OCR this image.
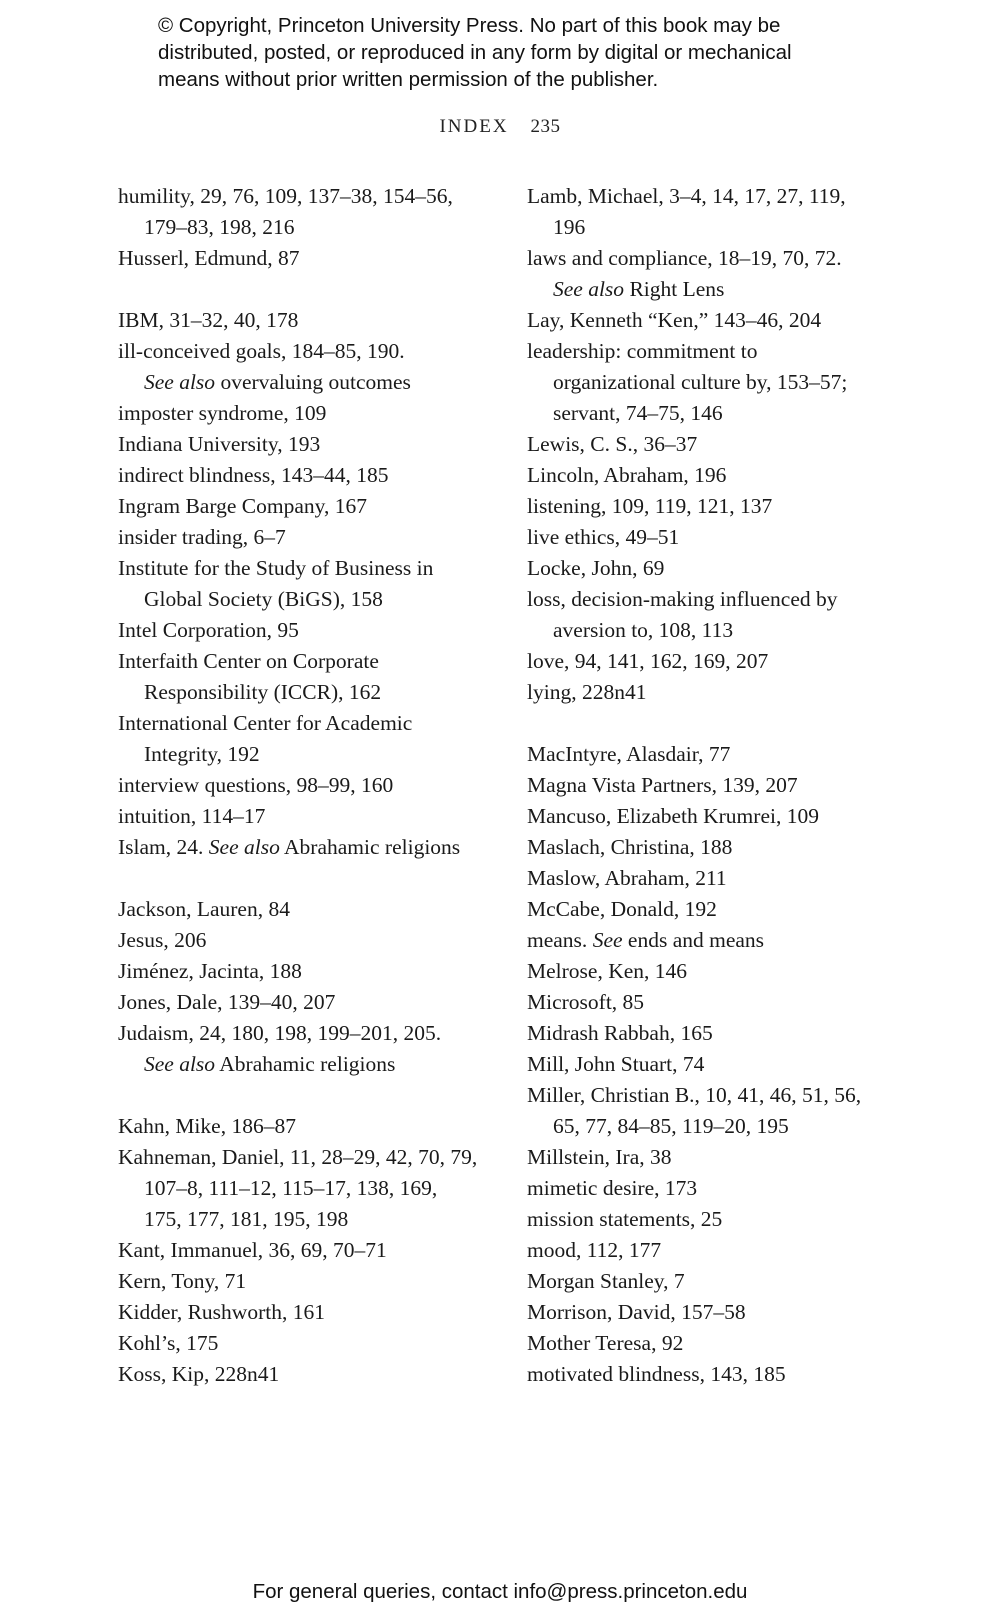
© Copyright, Princeton University Press. No part of this book may be

distributed, posted, or reproduced in any form by digital or mechanical

means without prior written permission of the publisher.

INDEX 235
humility, 29, 76, 109, 137–38, 154–56, 179–83, 198, 216
Husserl, Edmund, 87
IBM, 31–32, 40, 178
ill-conceived goals, 184–85, 190.
See also overvaluing outcomes
imposter syndrome, 109
Indiana University, 193
indirect blindness, 143–44, 185
Ingram Barge Company, 167
insider trading, 6–7
Institute for the Study of Business in Global Society (BiGS), 158
Intel Corporation, 95
Interfaith Center on Corporate Responsibility (ICCR), 162
International Center for Academic Integrity, 192
interview questions, 98–99, 160
intuition, 114–17
Islam, 24. See also Abrahamic religions
Jackson, Lauren, 84
Jesus, 206
Jiménez, Jacinta, 188
Jones, Dale, 139–40, 207
Judaism, 24, 180, 198, 199–201, 205.
See also Abrahamic religions
Kahn, Mike, 186–87
Kahneman, Daniel, 11, 28–29, 42, 70, 79, 107–8, 111–12, 115–17, 138, 169, 175, 177, 181, 195, 198
Kant, Immanuel, 36, 69, 70–71
Kern, Tony, 71
Kidder, Rushworth, 161
Kohl’s, 175
Koss, Kip, 228n41
Lamb, Michael, 3–4, 14, 17, 27, 119, 196
laws and compliance, 18–19, 70, 72.
See also Right Lens
Lay, Kenneth “Ken,” 143–46, 204
leadership: commitment to organizational culture by, 153–57; servant, 74–75, 146
Lewis, C. S., 36–37
Lincoln, Abraham, 196
listening, 109, 119, 121, 137
live ethics, 49–51
Locke, John, 69
loss, decision-making influenced by aversion to, 108, 113
love, 94, 141, 162, 169, 207
lying, 228n41
MacIntyre, Alasdair, 77
Magna Vista Partners, 139, 207
Mancuso, Elizabeth Krumrei, 109
Maslach, Christina, 188
Maslow, Abraham, 211
McCabe, Donald, 192
means. See ends and means
Melrose, Ken, 146
Microsoft, 85
Midrash Rabbah, 165
Mill, John Stuart, 74
Miller, Christian B., 10, 41, 46, 51, 56, 65, 77, 84–85, 119–20, 195
Millstein, Ira, 38
mimetic desire, 173
mission statements, 25
mood, 112, 177
Morgan Stanley, 7
Morrison, David, 157–58
Mother Teresa, 92
motivated blindness, 143, 185
For general queries, contact info@press.princeton.edu
